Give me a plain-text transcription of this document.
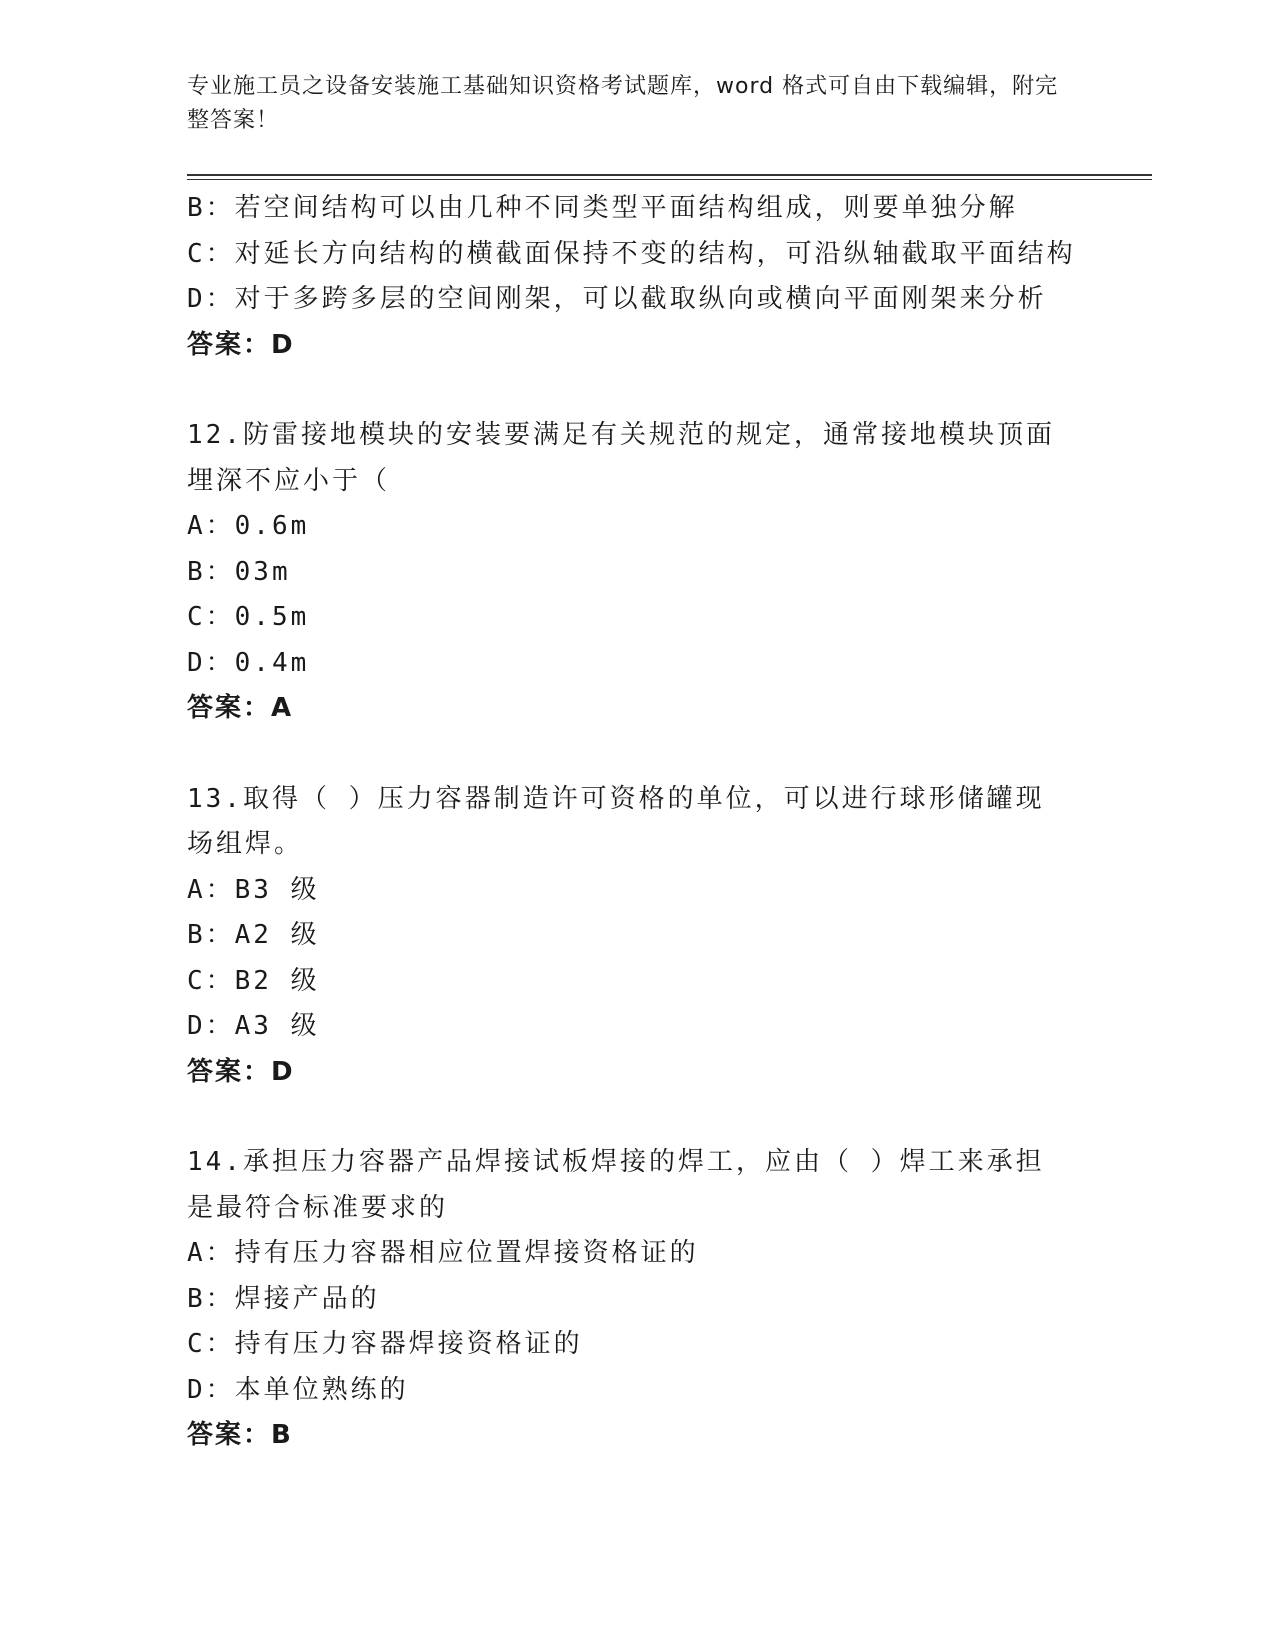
专业施工员之设备安装施工基础知识资格考试题库，word 格式可自由下载编辑，附完整答案！

B：若空间结构可以由几种不同类型平面结构组成，则要单独分解
C：对延长方向结构的横截面保持不变的结构，可沿纵轴截取平面结构
D：对于多跨多层的空间刚架，可以截取纵向或横向平面刚架来分析
答案：D
12.防雷接地模块的安装要满足有关规范的规定，通常接地模块顶面埋深不应小于（
A：0.6m
B：03m
C：0.5m
D：0.4m
答案：A
13.取得（ ）压力容器制造许可资格的单位，可以进行球形储罐现场组焊。
A：B3 级
B：A2 级
C：B2 级
D：A3 级
答案：D
14.承担压力容器产品焊接试板焊接的焊工，应由（ ）焊工来承担是最符合标准要求的
A：持有压力容器相应位置焊接资格证的
B：焊接产品的
C：持有压力容器焊接资格证的
D：本单位熟练的
答案：B
